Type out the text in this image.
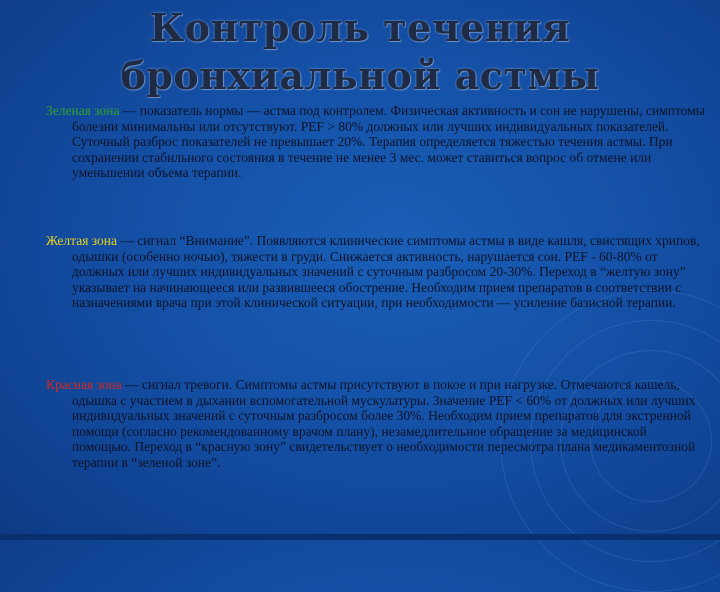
Контроль течения
бронхиальной астмы
Зеленая зона — показатель нормы — астма под контролем. Физическая активность и сон не нарушены, симптомы болезни минимальны или отсутствуют. PEF > 80% должных или лучших индивидуальных показателей. Суточный разброс показателей не превышает 20%. Терапия определяется тяжестью течения астмы. При сохранении стабильного состояния в течение не менее 3 мес. может ставиться вопрос об отмене или уменьшении объема терапии.
Желтая зона — сигнал “Внимание”. Появляются клинические симптомы астмы в виде кашля, свистящих хрипов, одышки (особенно ночью), тяжести в груди. Снижается активность, нарушается сон. PEF - 60-80% от должных или лучших индивидуальных значений с суточным разбросом 20-30%. Переход в “желтую зону” указывает на начинающееся или развившееся обострение. Необходим прием препаратов в соответствии с назначениями врача при этой клинической ситуации, при необходимости — усиление базисной терапии.
Красная зона — сигнал тревоги. Симптомы астмы присутствуют в покое и при нагрузке. Отмечаются кашель, одышка с участием в дыхании вспомогательной мускулатуры. Значение PEF < 60% от должных или лучших индивидуальных значений с суточным разбросом более 30%. Необходим прием препаратов для экстренной помощи (согласно рекомендованному врачом плану), незамедлительное обращение за медицинской помощью. Переход в “красную зону” свидетельствует о необходимости пересмотра плана медикаментозной терапии в “зеленой зоне”.
